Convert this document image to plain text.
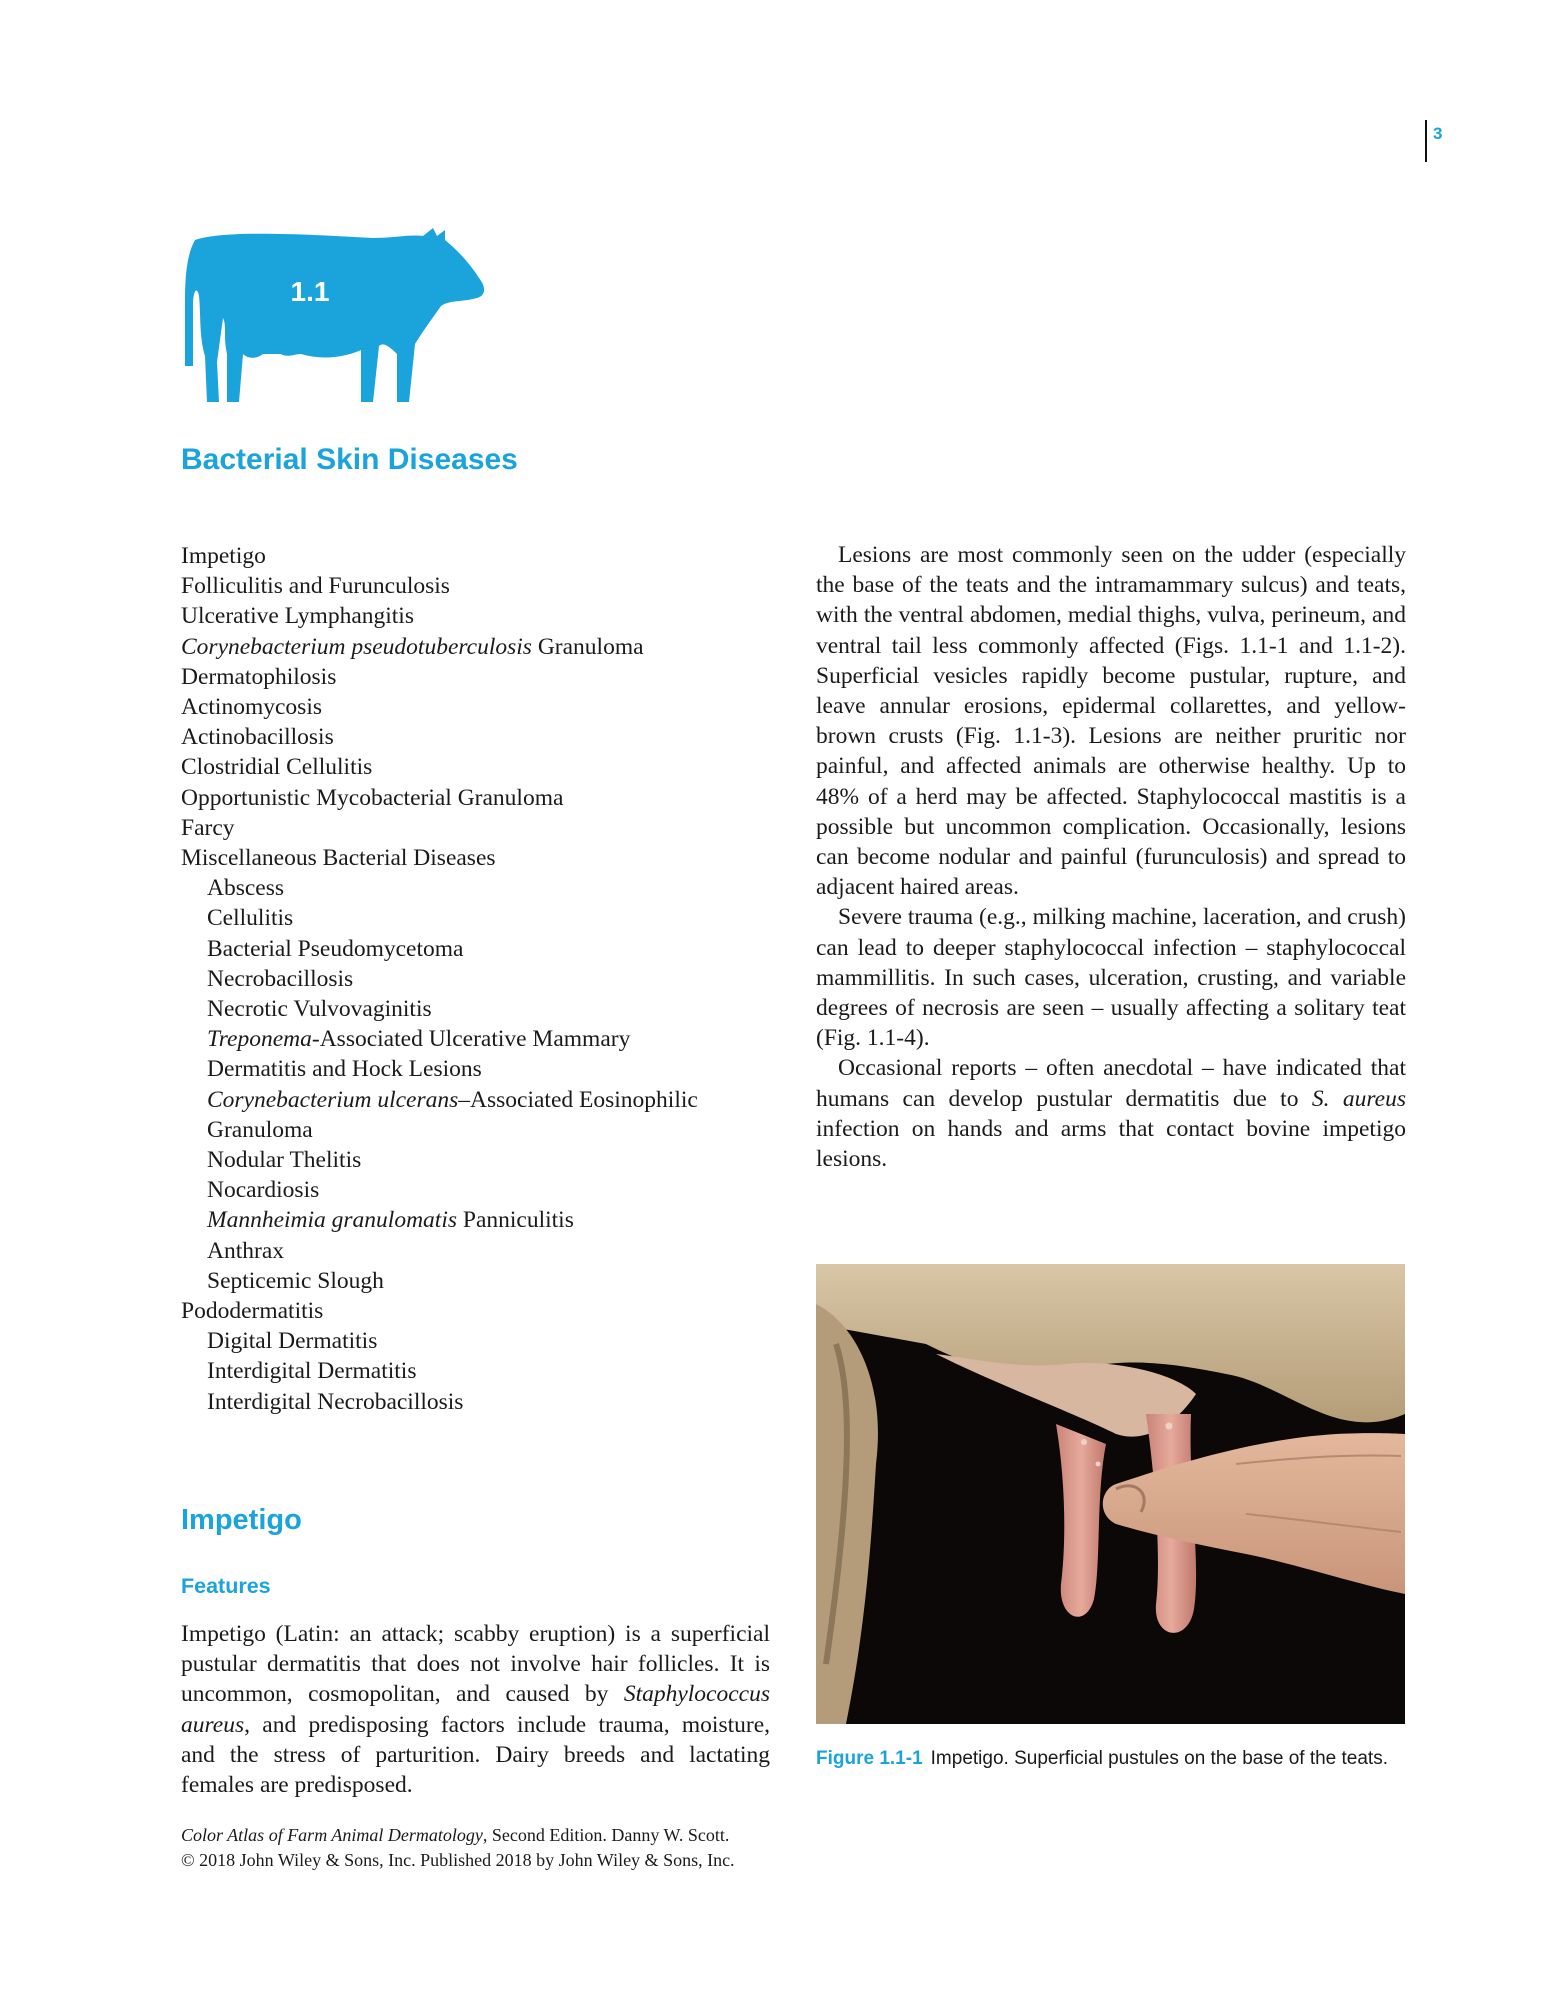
3
1.1
Bacterial Skin Diseases
Impetigo
Folliculitis and Furunculosis
Ulcerative Lymphangitis
Corynebacterium pseudotuberculosis Granuloma
Dermatophilosis
Actinomycosis
Actinobacillosis
Clostridial Cellulitis
Opportunistic Mycobacterial Granuloma
Farcy
Miscellaneous Bacterial Diseases
Abscess
Cellulitis
Bacterial Pseudomycetoma
Necrobacillosis
Necrotic Vulvovaginitis
Treponema-Associated Ulcerative Mammary
Dermatitis and Hock Lesions
Corynebacterium ulcerans–Associated Eosinophilic
Granuloma
Nodular Thelitis
Nocardiosis
Mannheimia granulomatis Panniculitis
Anthrax
Septicemic Slough
Pododermatitis
Digital Dermatitis
Interdigital Dermatitis
Interdigital Necrobacillosis
Impetigo
Features

Impetigo (Latin: an attack; scabby eruption) is a superficial pustular dermatitis that does not involve hair follicles. It is uncommon, cosmopolitan, and caused by Staphylococcus aureus, and predisposing factors include trauma, moisture, and the stress of parturition. Dairy breeds and lactating females are predisposed.

Color Atlas of Farm Animal Dermatology, Second Edition. Danny W. Scott.
© 2018 John Wiley & Sons, Inc. Published 2018 by John Wiley & Sons, Inc.

Lesions are most commonly seen on the udder (especially the base of the teats and the intramammary sulcus) and teats, with the ventral abdomen, medial thighs, vulva, perineum, and ventral tail less commonly affected (Figs. 1.1-1 and 1.1-2). Superficial vesicles rapidly become pustular, rupture, and leave annular erosions, epidermal collarettes, and yellow-brown crusts (Fig. 1.1-3). Lesions are neither pruritic nor painful, and affected animals are otherwise healthy. Up to 48% of a herd may be affected. Staphylococcal mastitis is a possible but uncommon complication. Occasionally, lesions can become nodular and painful (furunculosis) and spread to adjacent haired areas.

Severe trauma (e.g., milking machine, laceration, and crush) can lead to deeper staphylococcal infection – staphylococcal mammillitis. In such cases, ulceration, crusting, and variable degrees of necrosis are seen – usually affecting a solitary teat (Fig. 1.1-4).

Occasional reports – often anecdotal – have indicated that humans can develop pustular dermatitis due to S. aureus infection on hands and arms that contact bovine impetigo lesions.

Figure 1.1-1 Impetigo. Superficial pustules on the base of the teats.
